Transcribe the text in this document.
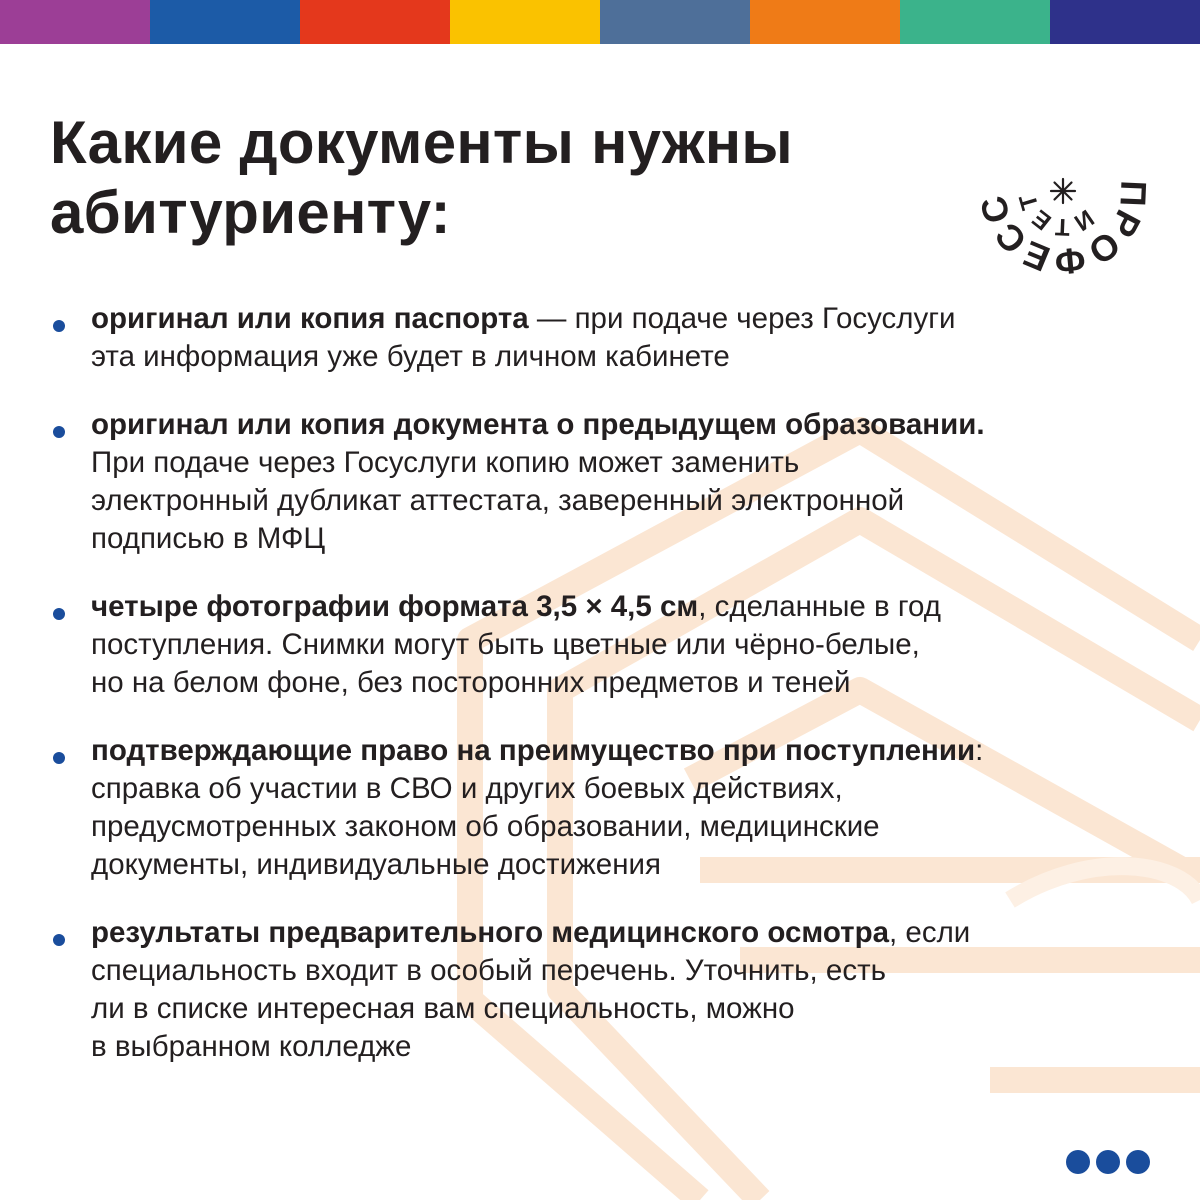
Какие документы нужны
абитуриенту:	ПРОФЕСС	ИТЕТ
оригинал или копия паспорта — при подаче через Госуслуги
эта информация уже будет в личном кабинете
оригинал или копия документа о предыдущем образовании.
При подаче через Госуслуги копию может заменить
электронный дубликат аттестата, заверенный электронной
подписью в МФЦ
четыре фотографии формата 3,5 × 4,5 см, сделанные в год
поступления. Снимки могут быть цветные или чёрно-белые,
но на белом фоне, без посторонних предметов и теней
подтверждающие право на преимущество при поступлении:
справка об участии в СВО и других боевых действиях,
предусмотренных законом об образовании, медицинские
документы, индивидуальные достижения
результаты предварительного медицинского осмотра, если
специальность входит в особый перечень. Уточнить, есть
ли в списке интересная вам специальность, можно
в выбранном колледже
